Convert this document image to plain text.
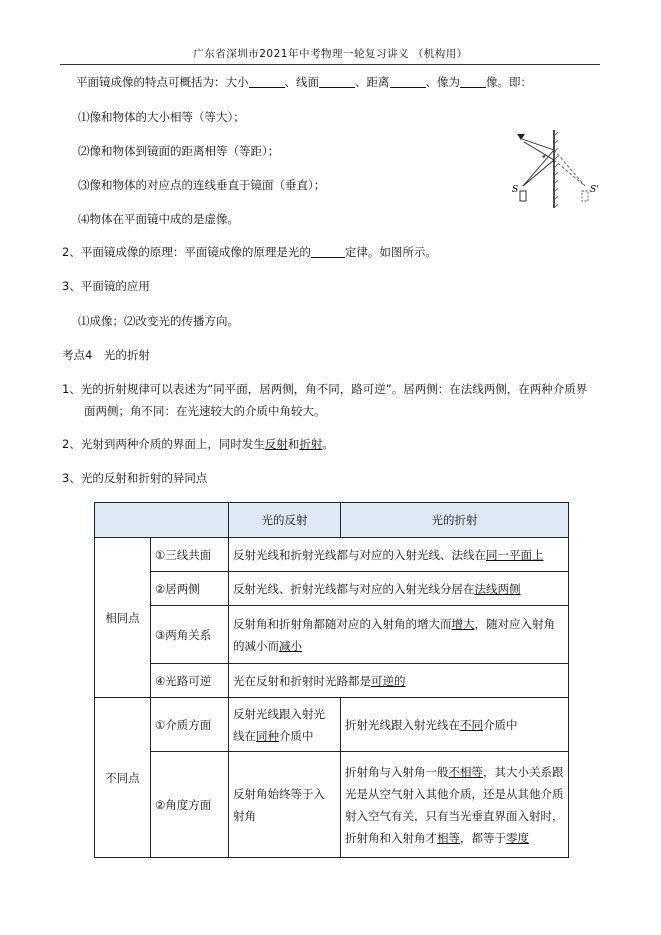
广东省深圳市2021年中考物理一轮复习讲义 （机构用）
平面镜成像的特点可概括为：大小	、线面	、距离	、像为 像。即：
⑴像和物体的大小相等（等大）；
⑵像和物体到镜面的距离相等（等距）；
⑶像和物体的对应点的连线垂直于镜面（垂直）；
⑷物体在平面镜中成的是虚像。
2、平面镜成像的原理：平面镜成像的原理是光的	定律。如图所示。
3、平面镜的应用
⑴成像；⑵改变光的传播方向。
S	S'
考点4　光的折射
1、光的折射规律可以表述为“同平面，居两侧，角不同，路可逆”。居两侧：在法线两侧，在两种介质界
面两侧；角不同：在光速较大的介质中角较大。
2、光射到两种介质的界面上，同时发生反射和折射。
3、光的反射和折射的异同点
		光的反射	光的折射
相同点	①三线共面	反射光线和折射光线都与对应的入射光线、法线在同一平面上	
	②居两侧	反射光线、折射光线都与对应的入射光线分居在法线两侧	
	③两角关系	反射角和折射角都随对应的入射角的增大而增大，随对应入射角的减小而减小	
	④光路可逆	光在反射和折射时光路都是可逆的	
不同点	①介质方面	反射光线跟入射光线在同种介质中	折射光线跟入射光线在不同介质中
	②角度方面	反射角始终等于入射角	折射角与入射角一般不相等，其大小关系跟光是从空气射入其他介质，还是从其他介质射入空气有关，只有当光垂直界面入射时，折射角和入射角才相等，都等于零度
